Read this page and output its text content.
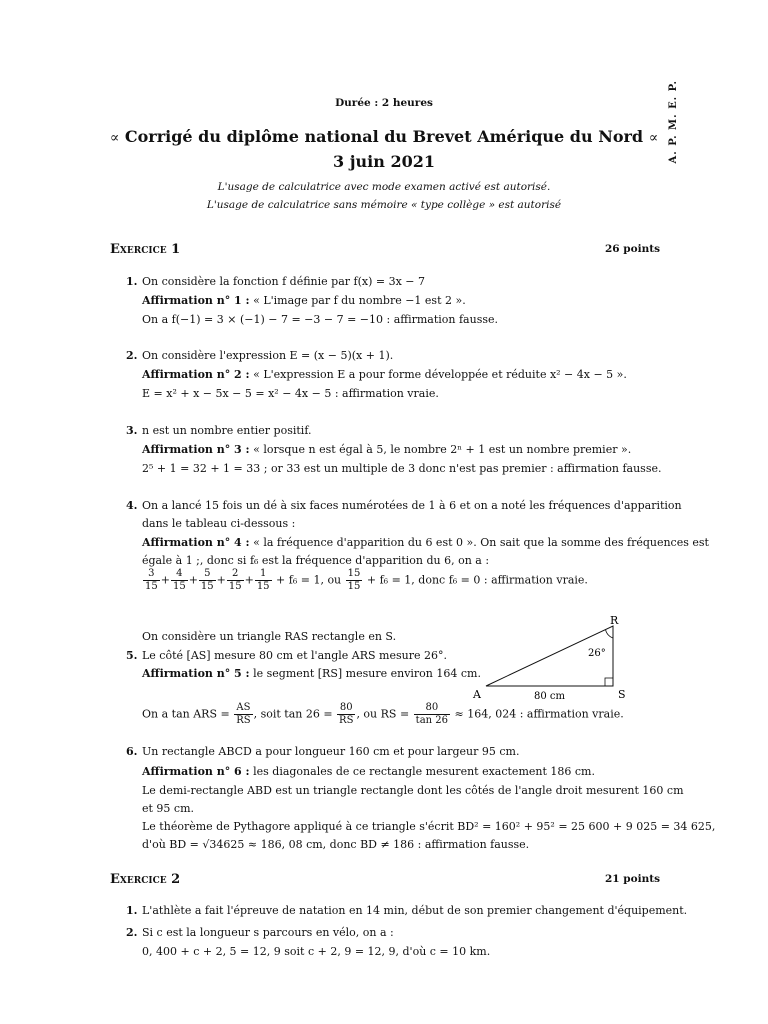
A. P. M. E. P.
Durée : 2 heures
∝ Corrigé du diplôme national du Brevet Amérique du Nord ∝
3 juin 2021
L'usage de calculatrice avec mode examen activé est autorisé.
L'usage de calculatrice sans mémoire « type collège » est autorisé
Exercice 1	26 points
1. On considère la fonction f définie par f(x) = 3x − 7
Affirmation n° 1 : « L'image par f du nombre −1 est 2 ».
On a f(−1) = 3 × (−1) − 7 = −3 − 7 = −10 : affirmation fausse.
2. On considère l'expression E = (x − 5)(x + 1).
Affirmation n° 2 : « L'expression E a pour forme développée et réduite x² − 4x − 5 ».
E = x² + x − 5x − 5 = x² − 4x − 5 : affirmation vraie.
3. n est un nombre entier positif.
Affirmation n° 3 : « lorsque n est égal à 5, le nombre 2ⁿ + 1 est un nombre premier ».
2⁵ + 1 = 32 + 1 = 33 ; or 33 est un multiple de 3 donc n'est pas premier : affirmation fausse.
4. On a lancé 15 fois un dé à six faces numérotées de 1 à 6 et on a noté les fréquences d'apparition
dans le tableau ci-dessous :
Affirmation n° 4 : « la fréquence d'apparition du 6 est 0 ». On sait que la somme des fréquences est
égale à 1 ;, donc si f₆ est la fréquence d'apparition du 6, on a :
$\frac{3}{15} + \frac{4}{15} + \frac{5}{15} + \frac{2}{15} + \frac{1}{15} + f_6 = 1$, ou $\frac{15}{15} + f_6 = 1$, donc f₆ = 0 : affirmation vraie.
On considère un triangle RAS rectangle en S.
5. Le côté [AS] mesure 80 cm et l'angle ARS mesure 26°.
Affirmation n° 5 : le segment [RS] mesure environ 164 cm.
On a tan ARS = $\frac{AS}{RS}$ , soit $\tan 26 = \frac{80}{RS}$ , ou RS = $\frac{80}{\tan 26} \approx 164$, 024 : affirmation vraie.
R
A	S
26°
80 cm
6. Un rectangle ABCD a pour longueur 160 cm et pour largeur 95 cm.
Affirmation n° 6 : les diagonales de ce rectangle mesurent exactement 186 cm.
Le demi-rectangle ABD est un triangle rectangle dont les côtés de l'angle droit mesurent 160 cm
et 95 cm.
Le théorème de Pythagore appliqué à ce triangle s'écrit BD² = 160² + 95² = 25 600 + 9 025 = 34 625,
d'où BD = √34625 ≈ 186, 08 cm, donc BD ≠ 186 : affirmation fausse.
Exercice 2	21 points
1. L'athlète a fait l'épreuve de natation en 14 min, début de son premier changement d'équipement.
2. Si c est la longueur s parcours en vélo, on a :
0, 400 + c + 2, 5 = 12, 9 soit c + 2, 9 = 12, 9, d'où c = 10 km.
